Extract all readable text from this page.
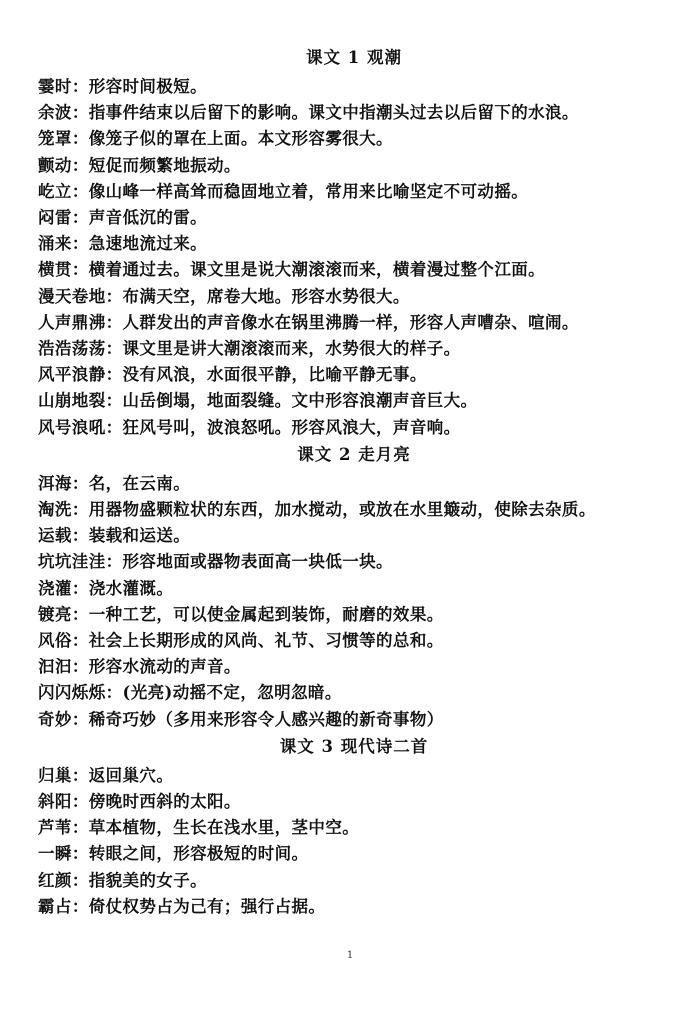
课文 1 观潮
霎时：形容时间极短。
余波：指事件结束以后留下的影响。课文中指潮头过去以后留下的水浪。
笼罩：像笼子似的罩在上面。本文形容雾很大。
颤动：短促而频繁地振动。
屹立：像山峰一样高耸而稳固地立着，常用来比喻坚定不可动摇。
闷雷：声音低沉的雷。
涌来：急速地流过来。
横贯：横着通过去。课文里是说大潮滚滚而来，横着漫过整个江面。
漫天卷地：布满天空，席卷大地。形容水势很大。
人声鼎沸：人群发出的声音像水在锅里沸腾一样，形容人声嘈杂、喧闹。
浩浩荡荡：课文里是讲大潮滚滚而来，水势很大的样子。
风平浪静：没有风浪，水面很平静，比喻平静无事。
山崩地裂：山岳倒塌，地面裂缝。文中形容浪潮声音巨大。
风号浪吼：狂风号叫，波浪怒吼。形容风浪大，声音响。
课文 2 走月亮
洱海：名，在云南。
淘洗：用器物盛颗粒状的东西，加水搅动，或放在水里簸动，使除去杂质。
运载：装载和运送。
坑坑洼洼：形容地面或器物表面高一块低一块。
浇灌：浇水灌溉。
镀亮：一种工艺，可以使金属起到装饰，耐磨的效果。
风俗：社会上长期形成的风尚、礼节、习惯等的总和。
汩汩：形容水流动的声音。
闪闪烁烁：(光亮)动摇不定，忽明忽暗。
奇妙：稀奇巧妙（多用来形容令人感兴趣的新奇事物）
课文 3 现代诗二首
归巢：返回巢穴。
斜阳：傍晚时西斜的太阳。
芦苇：草本植物，生长在浅水里，茎中空。
一瞬：转眼之间，形容极短的时间。
红颜：指貌美的女子。
霸占：倚仗权势占为己有；强行占据。
1
